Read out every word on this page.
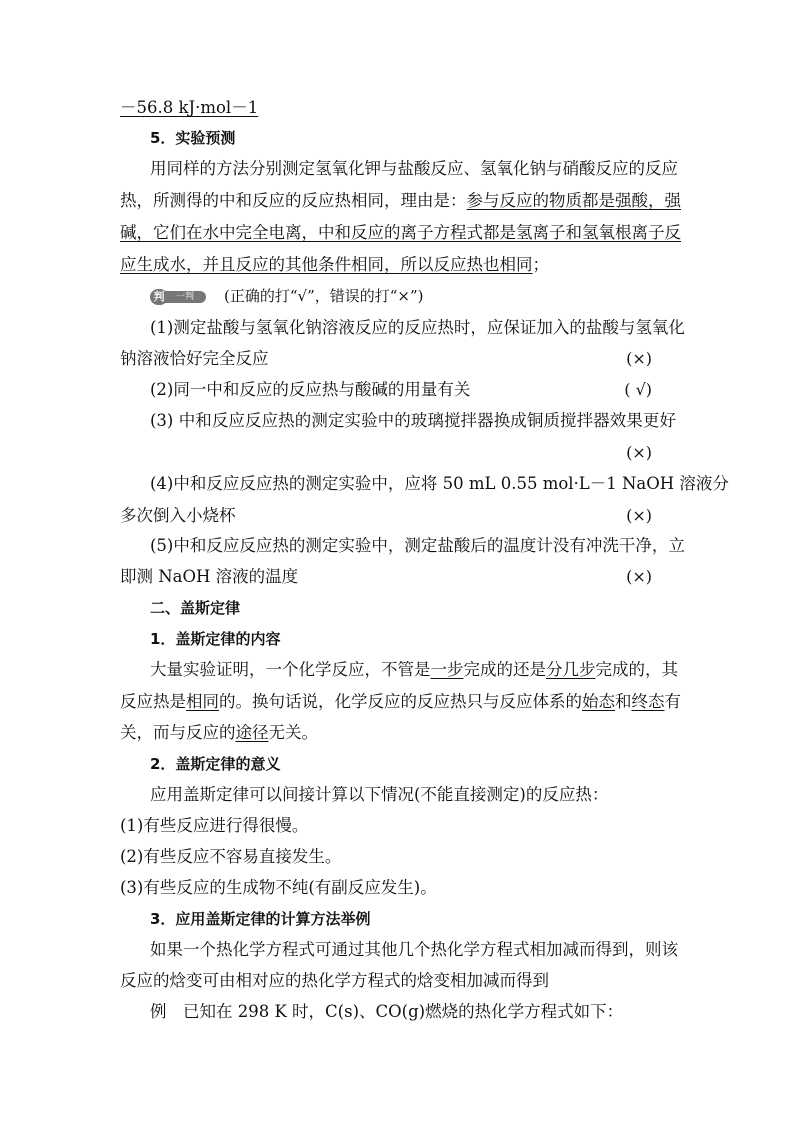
－56.8 kJ·mol－1
5．实验预测
用同样的方法分别测定氢氧化钾与盐酸反应、氢氧化钠与硝酸反应的反应
热，所测得的中和反应的反应热相同，理由是：参与反应的物质都是强酸，强
碱，它们在水中完全电离，中和反应的离子方程式都是氢离子和氢氧根离子反
应生成水，并且反应的其他条件相同，所以反应热也相同；
判	一判	(正确的打“√”，错误的打“×”)
(1)测定盐酸与氢氧化钠溶液反应的反应热时，应保证加入的盐酸与氢氧化
钠溶液恰好完全反应	(×)
(2)同一中和反应的反应热与酸碱的用量有关	( √)
(3) 中和反应反应热的测定实验中的玻璃搅拌器换成铜质搅拌器效果更好
(×)
(4)中和反应反应热的测定实验中，应将 50 mL 0.55 mol·L－1 NaOH 溶液分
多次倒入小烧杯	(×)
(5)中和反应反应热的测定实验中，测定盐酸后的温度计没有冲洗干净，立
即测 NaOH 溶液的温度	(×)
二、盖斯定律
1．盖斯定律的内容
大量实验证明，一个化学反应，不管是一步完成的还是分几步完成的，其
反应热是相同的。换句话说，化学反应的反应热只与反应体系的始态和终态有
关，而与反应的途径无关。
2．盖斯定律的意义
应用盖斯定律可以间接计算以下情况(不能直接测定)的反应热：
(1)有些反应进行得很慢。
(2)有些反应不容易直接发生。
(3)有些反应的生成物不纯(有副反应发生)。
3．应用盖斯定律的计算方法举例
如果一个热化学方程式可通过其他几个热化学方程式相加减而得到，则该
反应的焓变可由相对应的热化学方程式的焓变相加减而得到
例　已知在 298 K 时，C(s)、CO(g)燃烧的热化学方程式如下：
